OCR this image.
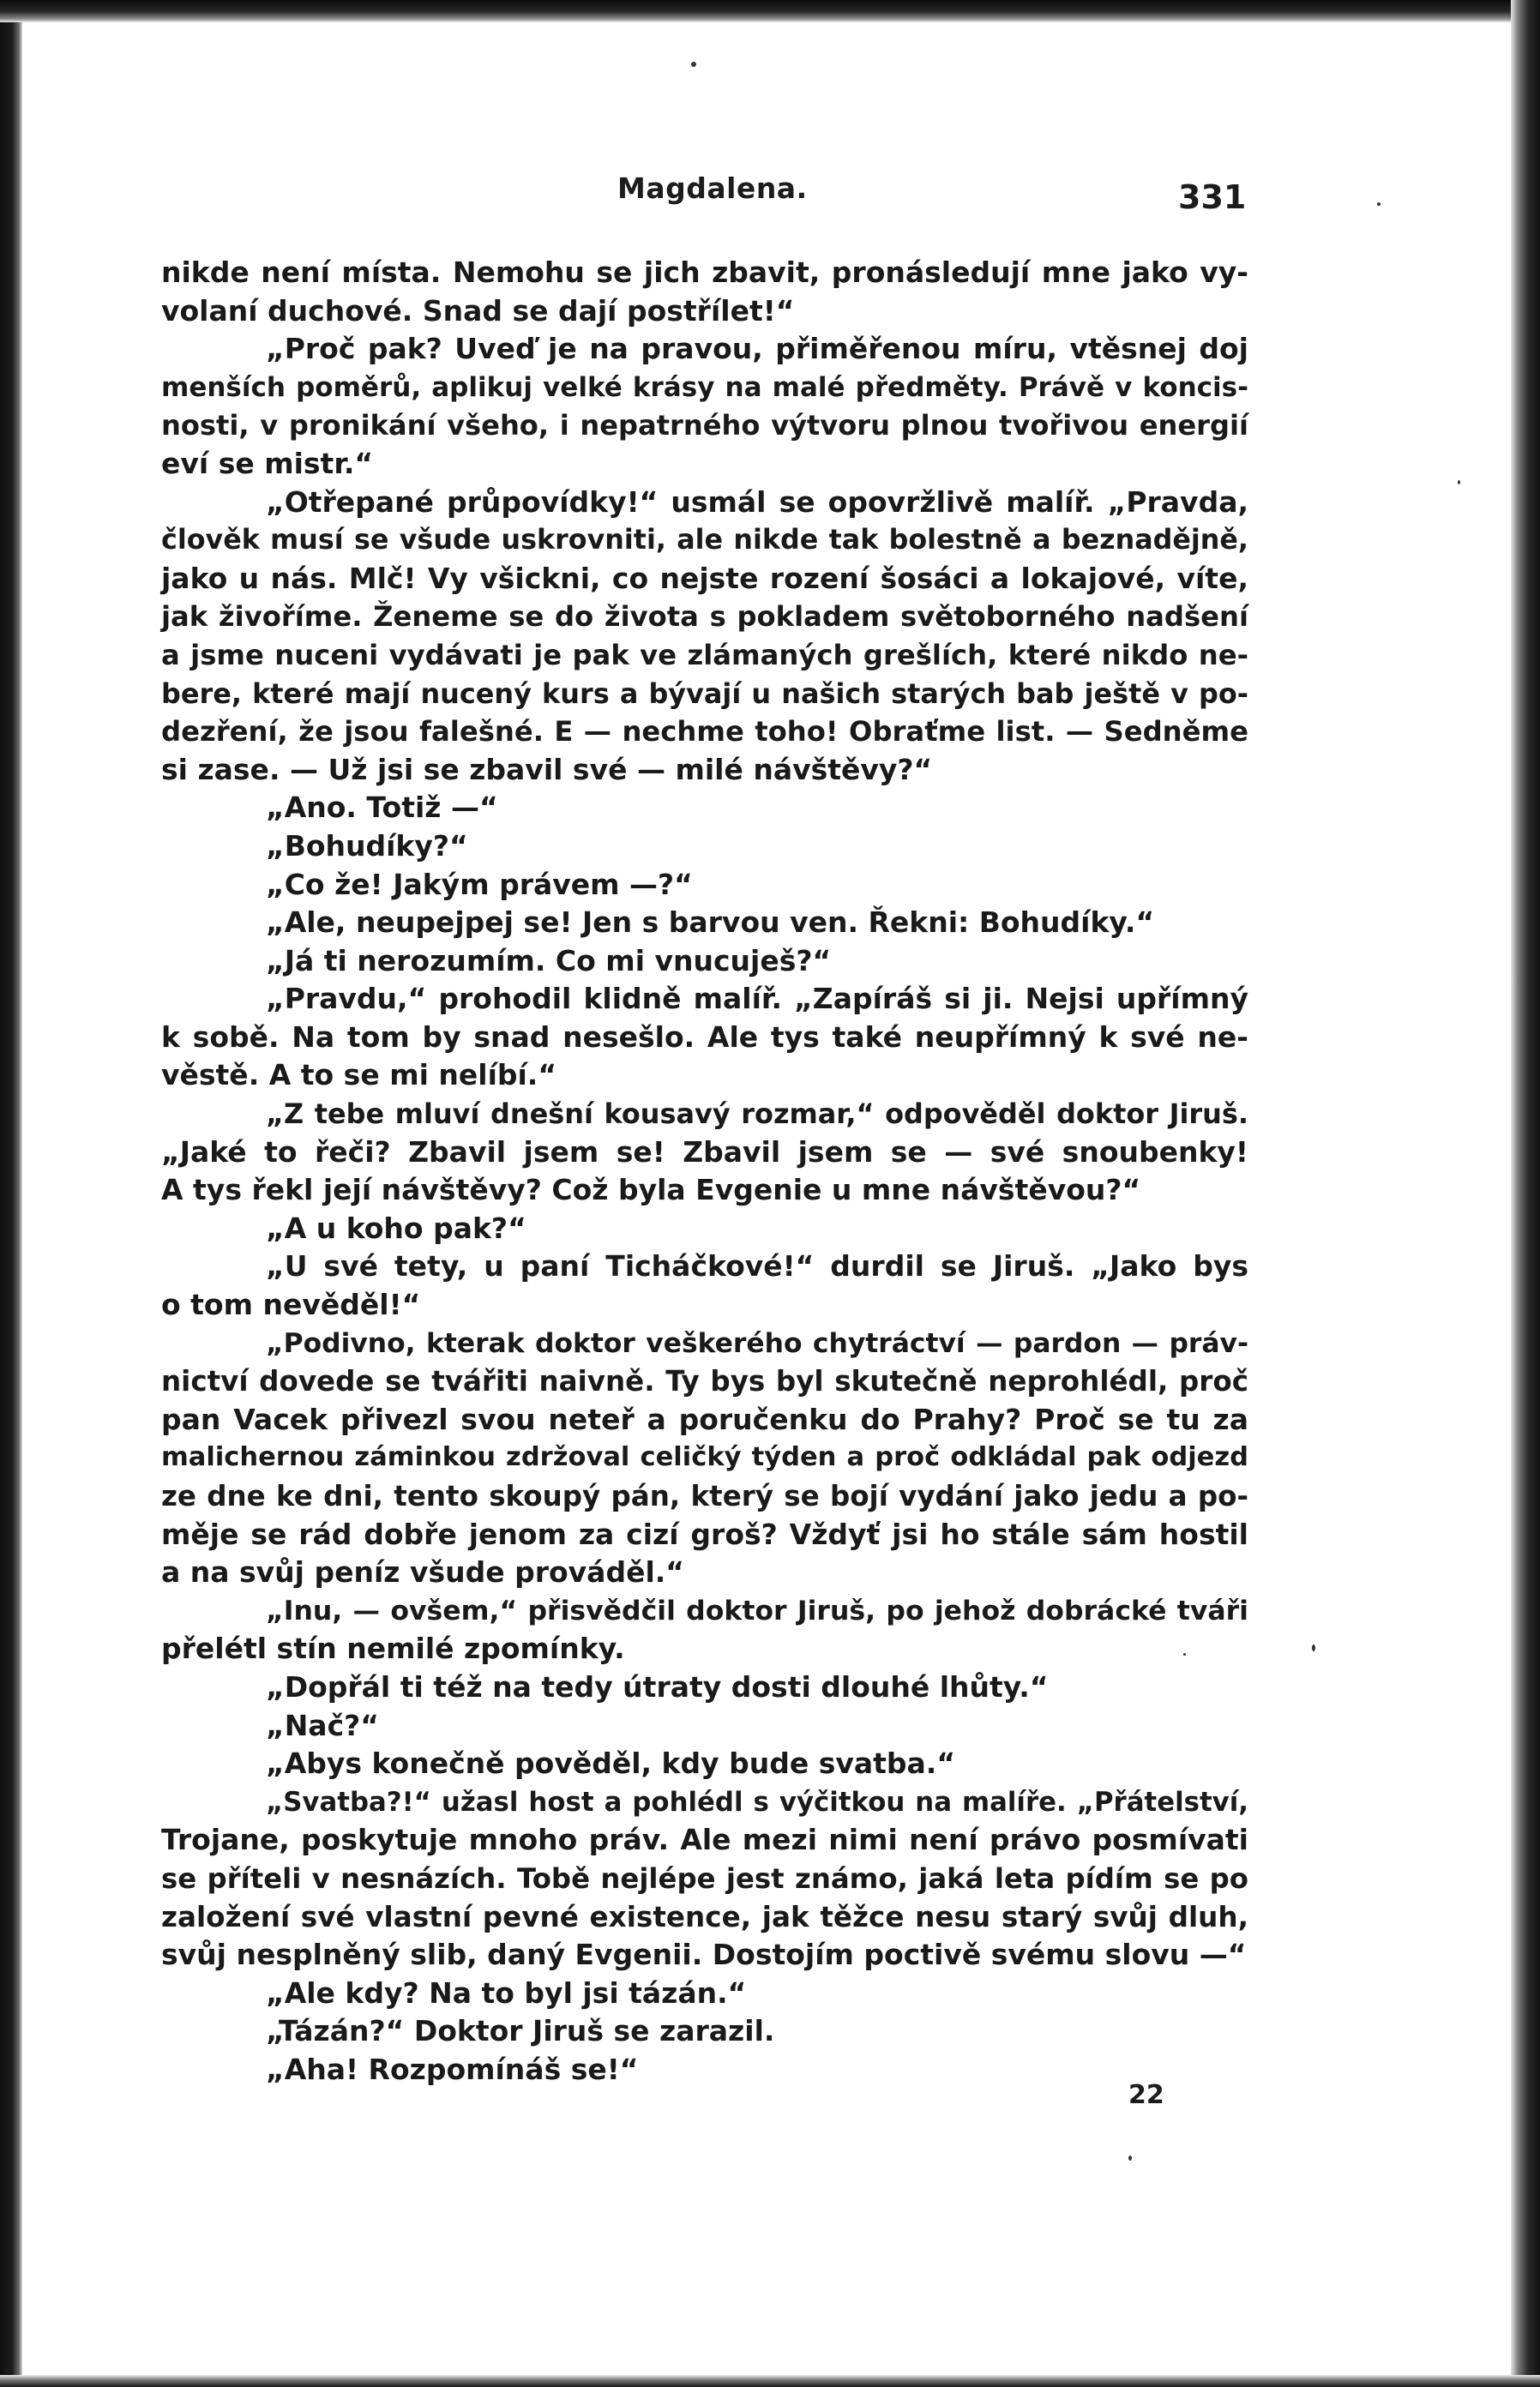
Magdalena.	331
nikde není místa. Nemohu se jich zbavit, pronásledují mne jako vy-
volaní duchové. Snad se dají postřílet!“
„Proč pak? Uveď je na pravou, přiměřenou míru, vtěsnej doj
menších poměrů, aplikuj velké krásy na malé předměty. Právě v koncis-
nosti, v pronikání všeho, i nepatrného výtvoru plnou tvořivou energií
eví se mistr.“
„Otřepané průpovídky!“ usmál se opovržlivě malíř. „Pravda,
člověk musí se všude uskrovniti, ale nikde tak bolestně a beznadějně,
jako u nás. Mlč! Vy všickni, co nejste rození šosáci a lokajové, víte,
jak živoříme. Ženeme se do života s pokladem světoborného nadšení
a jsme nuceni vydávati je pak ve zlámaných grešlích, které nikdo ne-
bere, které mají nucený kurs a bývají u našich starých bab ještě v po-
dezření, že jsou falešné. E — nechme toho! Obraťme list. — Sedněme
si zase. — Už jsi se zbavil své — milé návštěvy?“
„Ano. Totiž —“
„Bohudíky?“
„Co že! Jakým právem —?“
„Ale, neupejpej se! Jen s barvou ven. Řekni: Bohudíky.“
„Já ti nerozumím. Co mi vnucuješ?“
„Pravdu,“ prohodil klidně malíř. „Zapíráš si ji. Nejsi upřímný
k sobě. Na tom by snad nesešlo. Ale tys také neupřímný k své ne-
věstě. A to se mi nelíbí.“
„Z tebe mluví dnešní kousavý rozmar,“ odpověděl doktor Jiruš.
„Jaké to řeči? Zbavil jsem se! Zbavil jsem se — své snoubenky!
A tys řekl její návštěvy? Což byla Evgenie u mne návštěvou?“
„A u koho pak?“
„U své tety, u paní Ticháčkové!“ durdil se Jiruš. „Jako bys
o tom nevěděl!“
„Podivno, kterak doktor veškerého chytráctví — pardon — práv-
nictví dovede se tvářiti naivně. Ty bys byl skutečně neprohlédl, proč
pan Vacek přivezl svou neteř a poručenku do Prahy? Proč se tu za
malichernou záminkou zdržoval celičký týden a proč odkládal pak odjezd
ze dne ke dni, tento skoupý pán, který se bojí vydání jako jedu a po-
měje se rád dobře jenom za cizí groš? Vždyť jsi ho stále sám hostil
a na svůj peníz všude prováděl.“
„Inu, — ovšem,“ přisvědčil doktor Jiruš, po jehož dobrácké tváři
přelétl stín nemilé zpomínky.
„Dopřál ti též na tedy útraty dosti dlouhé lhůty.“
„Nač?“
„Abys konečně pověděl, kdy bude svatba.“
„Svatba?!“ užasl host a pohlédl s výčitkou na malíře. „Přátelství,
Trojane, poskytuje mnoho práv. Ale mezi nimi není právo posmívati
se příteli v nesnázích. Tobě nejlépe jest známo, jaká leta pídím se po
založení své vlastní pevné existence, jak těžce nesu starý svůj dluh,
svůj nesplněný slib, daný Evgenii. Dostojím poctivě svému slovu —“
„Ale kdy? Na to byl jsi tázán.“
„Tázán?“ Doktor Jiruš se zarazil.
„Aha! Rozpomínáš se!“
22
